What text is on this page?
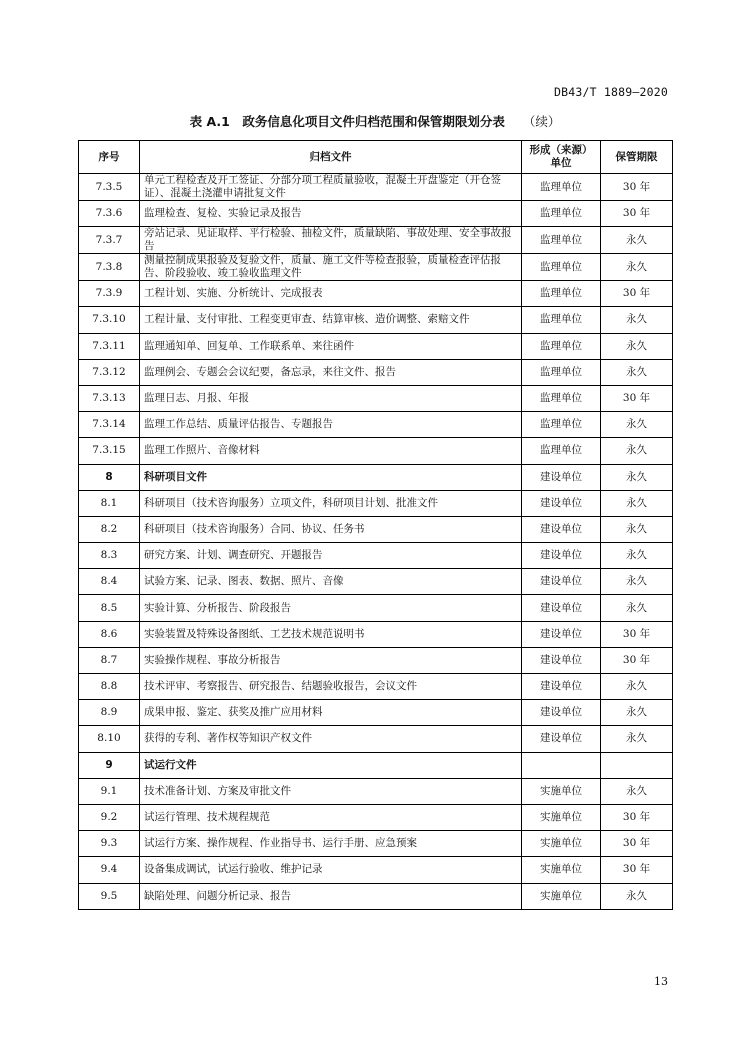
DB43/T 1889—2020
表 A.1　政务信息化项目文件归档范围和保管期限划分表 （续）
序号	归档文件	形成（来源）单位	保管期限
7.3.5	单元工程检查及开工签证、分部分项工程质量验收，混凝土开盘鉴定（开仓签证）、混凝土浇灌申请批复文件	监理单位	30 年
7.3.6	监理检查、复检、实验记录及报告	监理单位	30 年
7.3.7	旁站记录、见证取样、平行检验、抽检文件，质量缺陷、事故处理、安全事故报告	监理单位	永久
7.3.8	测量控制成果报验及复验文件，质量、施工文件等检查报验，质量检查评估报告、阶段验收、竣工验收监理文件	监理单位	永久
7.3.9	工程计划、实施、分析统计、完成报表	监理单位	30 年
7.3.10	工程计量、支付审批、工程变更审查、结算审核、造价调整、索赔文件	监理单位	永久
7.3.11	监理通知单、回复单、工作联系单、来往函件	监理单位	永久
7.3.12	监理例会、专题会会议纪要，备忘录，来往文件、报告	监理单位	永久
7.3.13	监理日志、月报、年报	监理单位	30 年
7.3.14	监理工作总结、质量评估报告、专题报告	监理单位	永久
7.3.15	监理工作照片、音像材料	监理单位	永久
8	科研项目文件	建设单位	永久
8.1	科研项目（技术咨询服务）立项文件，科研项目计划、批准文件	建设单位	永久
8.2	科研项目（技术咨询服务）合同、协议、任务书	建设单位	永久
8.3	研究方案、计划、调查研究、开题报告	建设单位	永久
8.4	试验方案、记录、图表、数据、照片、音像	建设单位	永久
8.5	实验计算、分析报告、阶段报告	建设单位	永久
8.6	实验装置及特殊设备图纸、工艺技术规范说明书	建设单位	30 年
8.7	实验操作规程、事故分析报告	建设单位	30 年
8.8	技术评审、考察报告、研究报告、结题验收报告，会议文件	建设单位	永久
8.9	成果申报、鉴定、获奖及推广应用材料	建设单位	永久
8.10	获得的专利、著作权等知识产权文件	建设单位	永久
9	试运行文件		
9.1	技术准备计划、方案及审批文件	实施单位	永久
9.2	试运行管理、技术规程规范	实施单位	30 年
9.3	试运行方案、操作规程、作业指导书、运行手册、应急预案	实施单位	30 年
9.4	设备集成调试，试运行验收、维护记录	实施单位	30 年
9.5	缺陷处理、问题分析记录、报告	实施单位	永久
13
